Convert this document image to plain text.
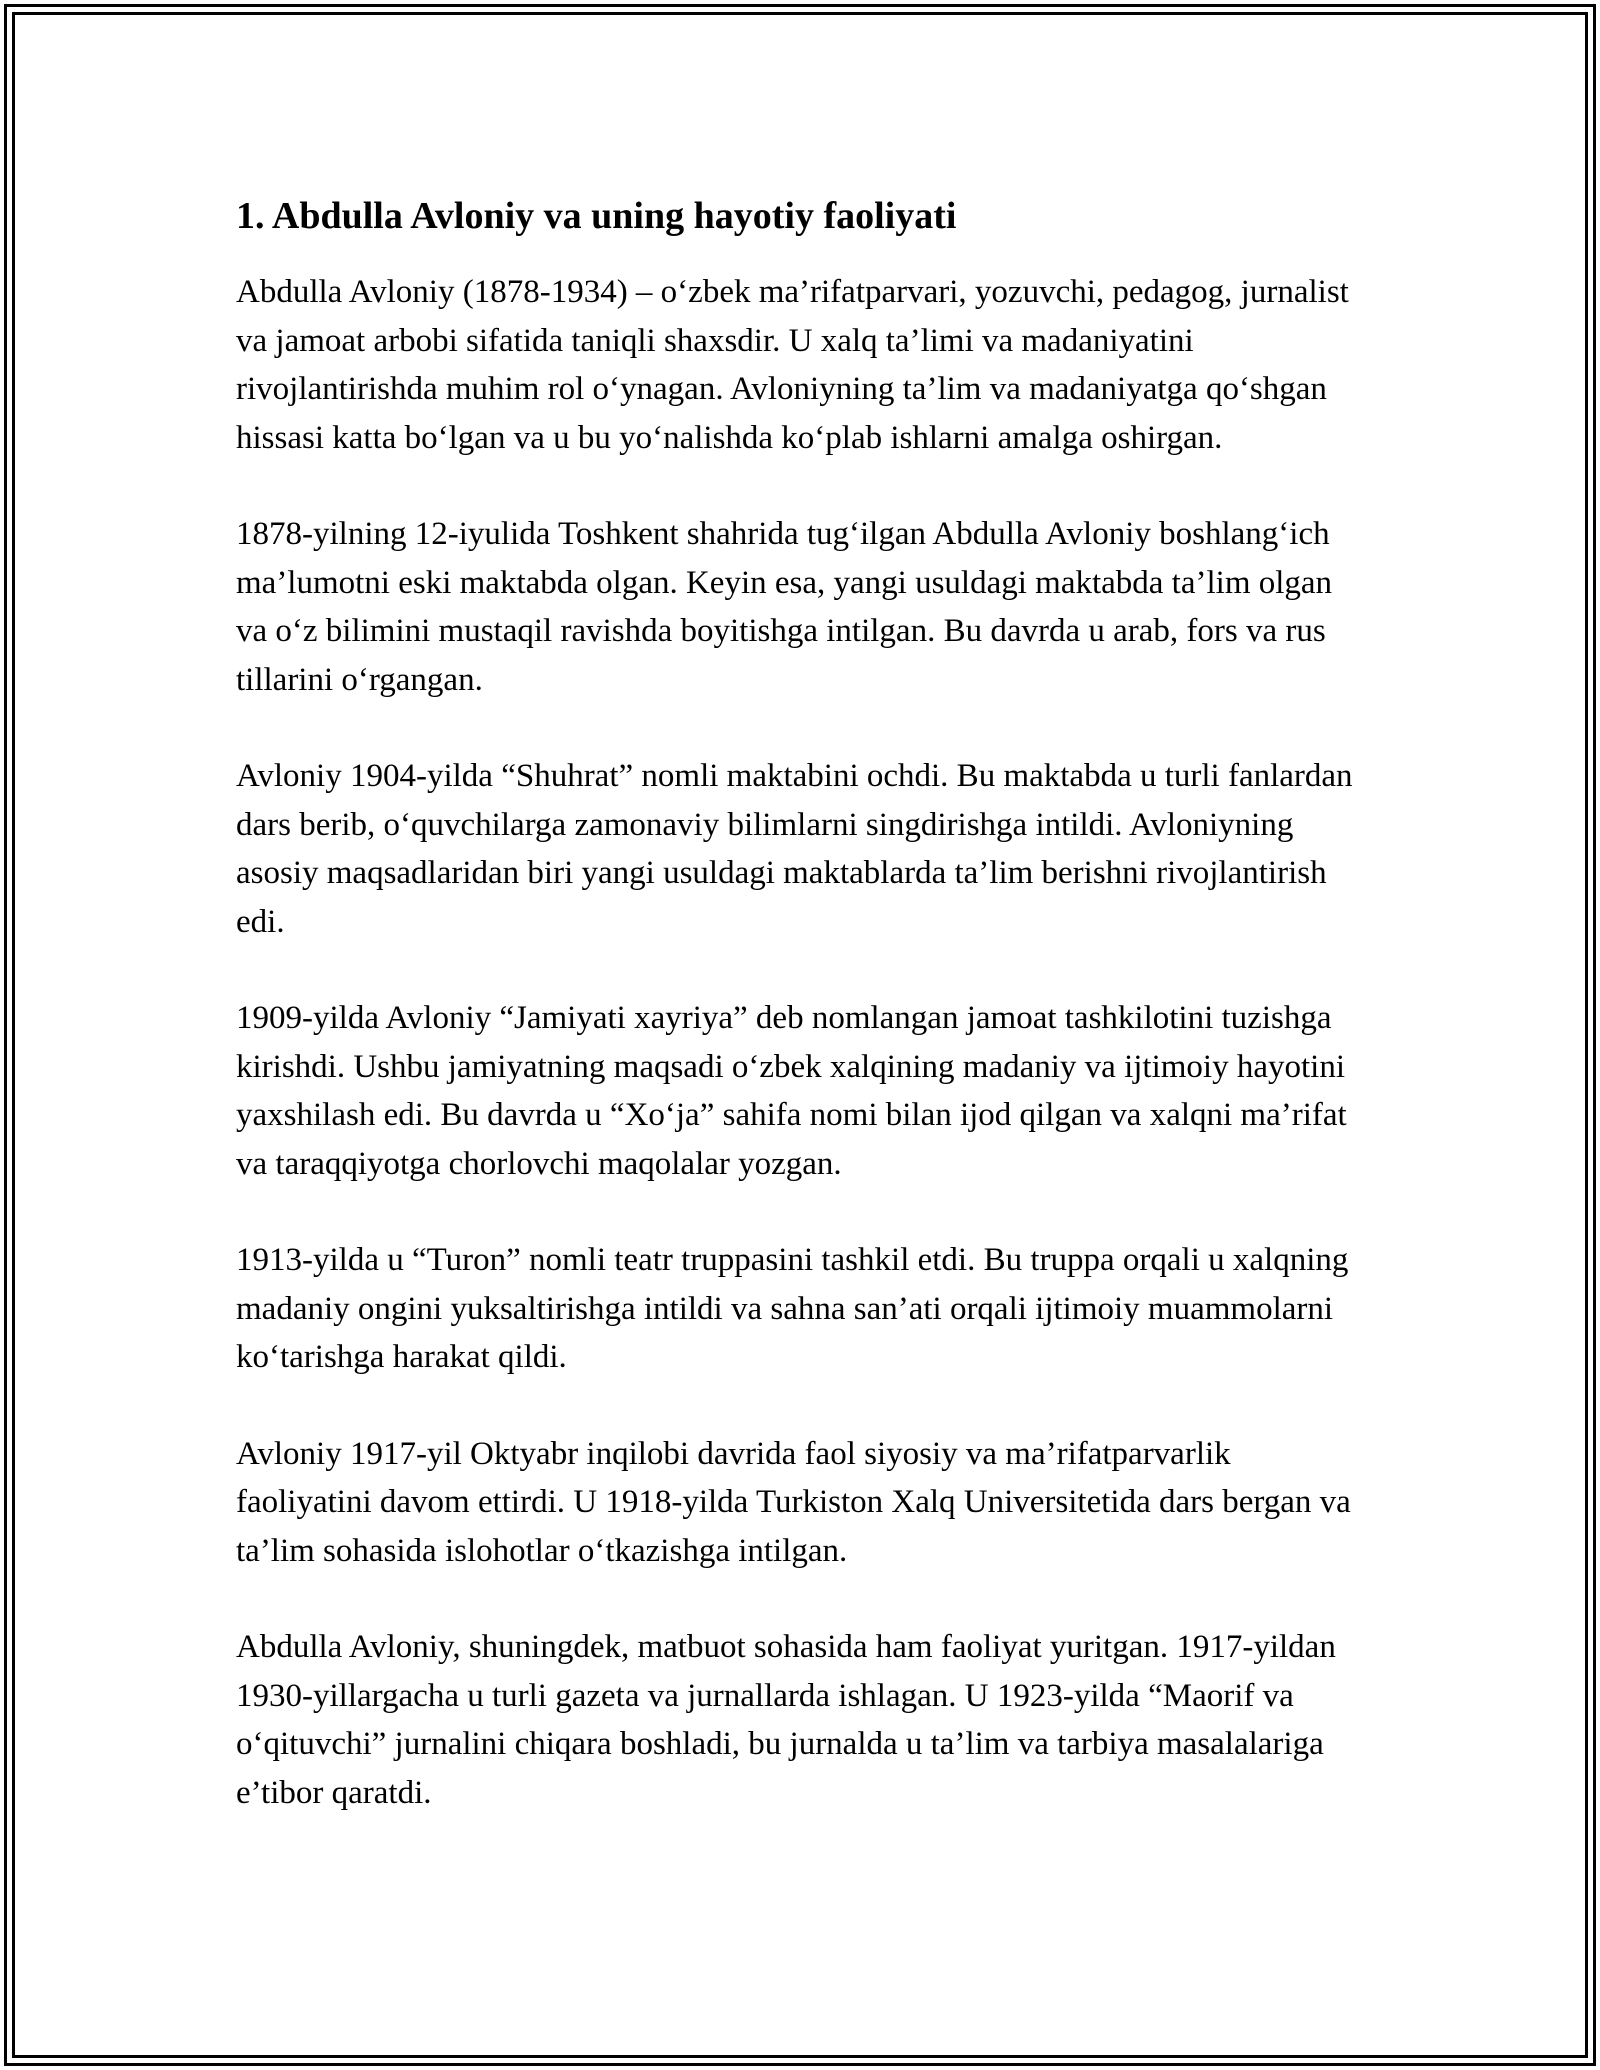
1. Abdulla Avloniy va uning hayotiy faoliyati

Abdulla Avloniy (1878-1934) – o‘zbek ma’rifatparvari, yozuvchi, pedagog, jurnalist va jamoat arbobi sifatida taniqli shaxsdir. U xalq ta’limi va madaniyatini rivojlantirishda muhim rol o‘ynagan. Avloniyning ta’lim va madaniyatga qo‘shgan hissasi katta bo‘lgan va u bu yo‘nalishda ko‘plab ishlarni amalga oshirgan.

1878-yilning 12-iyulida Toshkent shahrida tug‘ilgan Abdulla Avloniy boshlang‘ich ma’lumotni eski maktabda olgan. Keyin esa, yangi usuldagi maktabda ta’lim olgan va o‘z bilimini mustaqil ravishda boyitishga intilgan. Bu davrda u arab, fors va rus tillarini o‘rgangan.

Avloniy 1904-yilda “Shuhrat” nomli maktabini ochdi. Bu maktabda u turli fanlardan dars berib, o‘quvchilarga zamonaviy bilimlarni singdirishga intildi. Avloniyning asosiy maqsadlaridan biri yangi usuldagi maktablarda ta’lim berishni rivojlantirish edi.

1909-yilda Avloniy “Jamiyati xayriya” deb nomlangan jamoat tashkilotini tuzishga kirishdi. Ushbu jamiyatning maqsadi o‘zbek xalqining madaniy va ijtimoiy hayotini yaxshilash edi. Bu davrda u “Xo‘ja” sahifa nomi bilan ijod qilgan va xalqni ma’rifat va taraqqiyotga chorlovchi maqolalar yozgan.

1913-yilda u “Turon” nomli teatr truppasini tashkil etdi. Bu truppa orqali u xalqning madaniy ongini yuksaltirishga intildi va sahna san’ati orqali ijtimoiy muammolarni ko‘tarishga harakat qildi.

Avloniy 1917-yil Oktyabr inqilobi davrida faol siyosiy va ma’rifatparvarlik faoliyatini davom ettirdi. U 1918-yilda Turkiston Xalq Universitetida dars bergan va ta’lim sohasida islohotlar o‘tkazishga intilgan.

Abdulla Avloniy, shuningdek, matbuot sohasida ham faoliyat yuritgan. 1917-yildan 1930-yillargacha u turli gazeta va jurnallarda ishlagan. U 1923-yilda “Maorif va o‘qituvchi” jurnalini chiqara boshladi, bu jurnalda u ta’lim va tarbiya masalalariga e’tibor qaratdi.
